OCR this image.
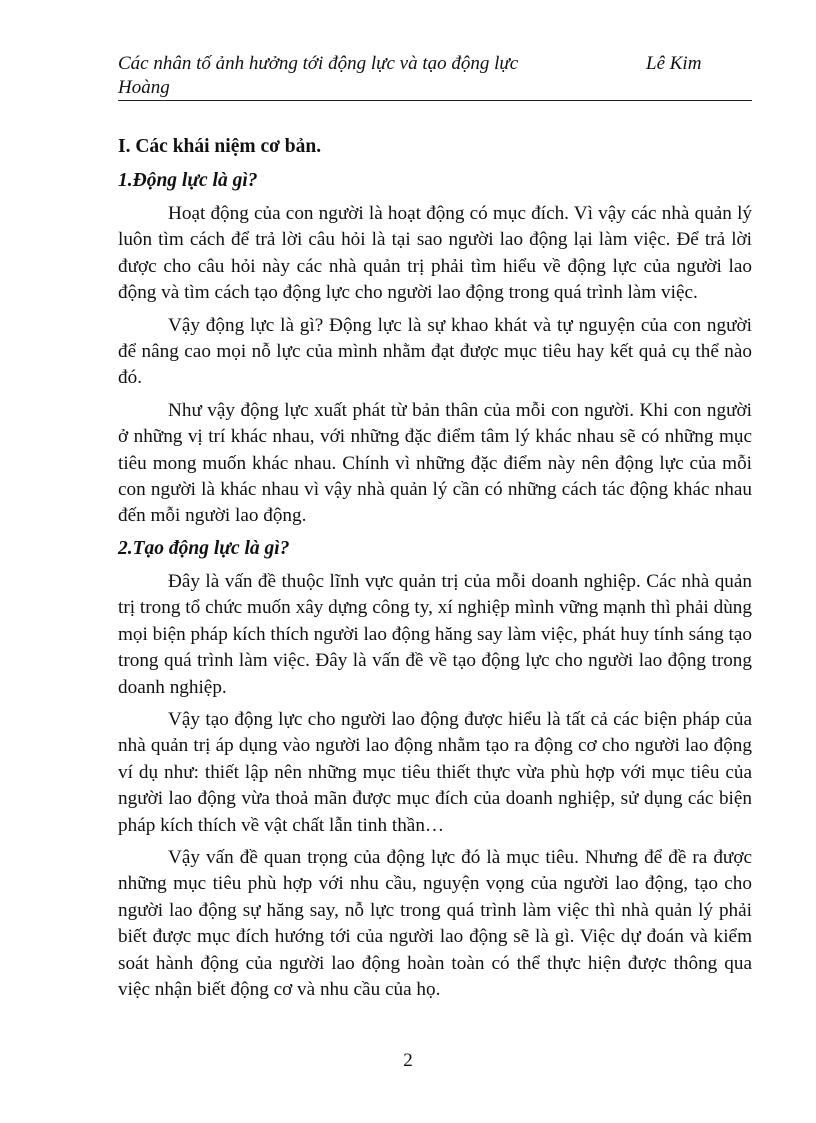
Các nhân tố ảnh hưởng tới động lực và tạo động lực
Hoàng
Lê Kim
I. Các khái niệm cơ bản.
1.Động lực là gì?

Hoạt động của con người là hoạt động có mục đích. Vì vậy các nhà quản lý luôn tìm cách để trả lời câu hỏi là tại sao người lao động lại làm việc. Để trả lời được cho câu hỏi này các nhà quản trị phải tìm hiểu về động lực của người lao động và tìm cách tạo động lực cho người lao động trong quá trình làm việc.

Vậy động lực là gì? Động lực là sự khao khát và tự nguyện của con người để nâng cao mọi nỗ lực của mình nhằm đạt được mục tiêu hay kết quả cụ thể nào đó.

Như vậy động lực xuất phát từ bản thân của mỗi con người. Khi con người ở những vị trí khác nhau, với những đặc điểm tâm lý khác nhau sẽ có những mục tiêu mong muốn khác nhau. Chính vì những đặc điểm này nên động lực của mỗi con người là khác nhau vì vậy nhà quản lý cần có những cách tác động khác nhau đến mỗi người lao động.

2.Tạo động lực là gì?

Đây là vấn đề thuộc lĩnh vực quản trị của mỗi doanh nghiệp. Các nhà quản trị trong tổ chức muốn xây dựng công ty, xí nghiệp mình vững mạnh thì phải dùng mọi biện pháp kích thích người lao động hăng say làm việc, phát huy tính sáng tạo trong quá trình làm việc. Đây là vấn đề về tạo động lực cho người lao động trong doanh nghiệp.

Vậy tạo động lực cho người lao động được hiểu là tất cả các biện pháp của nhà quản trị áp dụng vào người lao động nhằm tạo ra động cơ cho người lao động ví dụ như: thiết lập nên những mục tiêu thiết thực vừa phù hợp với mục tiêu của người lao động vừa thoả mãn được mục đích của doanh nghiệp, sử dụng các biện pháp kích thích về vật chất lẫn tinh thần…

Vậy vấn đề quan trọng của động lực đó là mục tiêu. Nhưng để đề ra được những mục tiêu phù hợp với nhu cầu, nguyện vọng của người lao động, tạo cho người lao động sự hăng say, nỗ lực trong quá trình làm việc thì nhà quản lý phải biết được mục đích hướng tới của người lao động sẽ là gì. Việc dự đoán và kiểm soát hành động của người lao động hoàn toàn có thể thực hiện được thông qua việc nhận biết động cơ và nhu cầu của họ.

2
